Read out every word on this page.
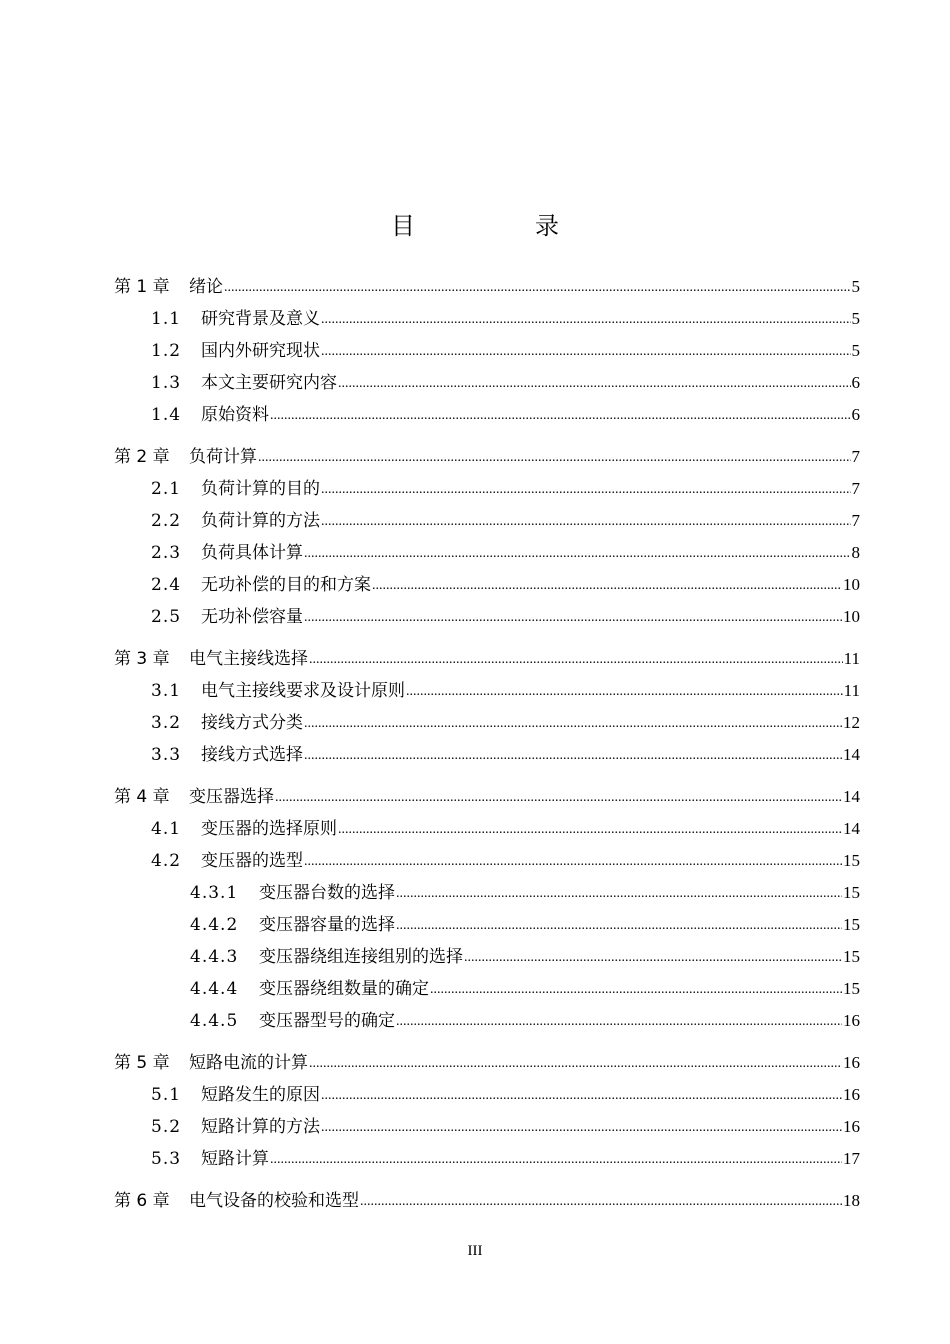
目　录
第 1 章	绪论 .....	5
1.1	研究背景及意义 .....	5
1.2	国内外研究现状 .....	5
1.3	本文主要研究内容 .....	6
1.4	原始资料 .....	6
第 2 章	负荷计算 .....	7
2.1	负荷计算的目的 .....	7
2.2	负荷计算的方法 .....	7
2.3	负荷具体计算 .....	8
2.4	无功补偿的目的和方案 .....	10
2.5	无功补偿容量 .....	10
第 3 章	电气主接线选择 .....	11
3.1	电气主接线要求及设计原则 .....	11
3.2	接线方式分类 .....	12
3.3	接线方式选择 .....	14
第 4 章	变压器选择 .....	14
4.1	变压器的选择原则 .....	14
4.2	变压器的选型 .....	15
4.3.1	变压器台数的选择 .....	15
4.4.2	变压器容量的选择 .....	15
4.4.3	变压器绕组连接组别的选择 .....	15
4.4.4	变压器绕组数量的确定 .....	15
4.4.5	变压器型号的确定 .....	16
第 5 章	短路电流的计算 .....	16
5.1	短路发生的原因 .....	16
5.2	短路计算的方法 .....	16
5.3	短路计算 .....	17
第 6 章	电气设备的校验和选型 .....	18
III
